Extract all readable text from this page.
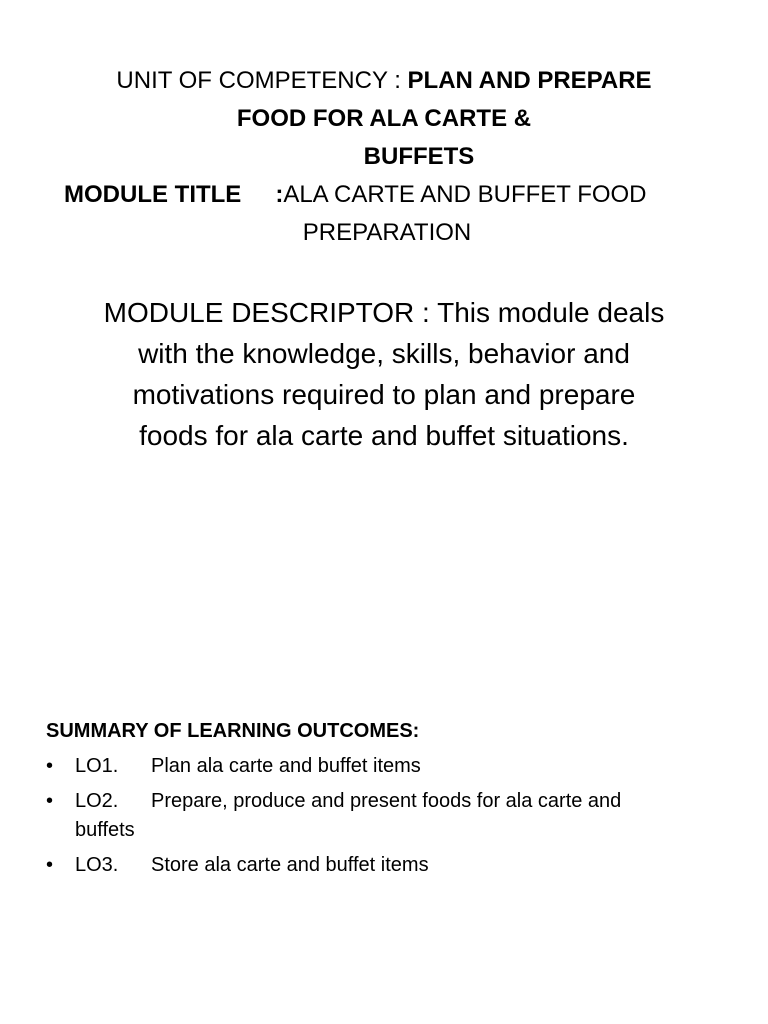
UNIT OF COMPETENCY : PLAN AND PREPARE
FOOD FOR ALA CARTE &
BUFFETS
MODULE TITLE :ALA CARTE AND BUFFET FOOD
PREPARATION
MODULE DESCRIPTOR : This module deals
with the knowledge, skills, behavior and
motivations required to plan and prepare
foods for ala carte and buffet situations.
SUMMARY OF LEARNING OUTCOMES:
• LO1. Plan ala carte and buffet items
• LO2. Prepare, produce and present foods for ala carte and
buffets
• LO3. Store ala carte and buffet items
